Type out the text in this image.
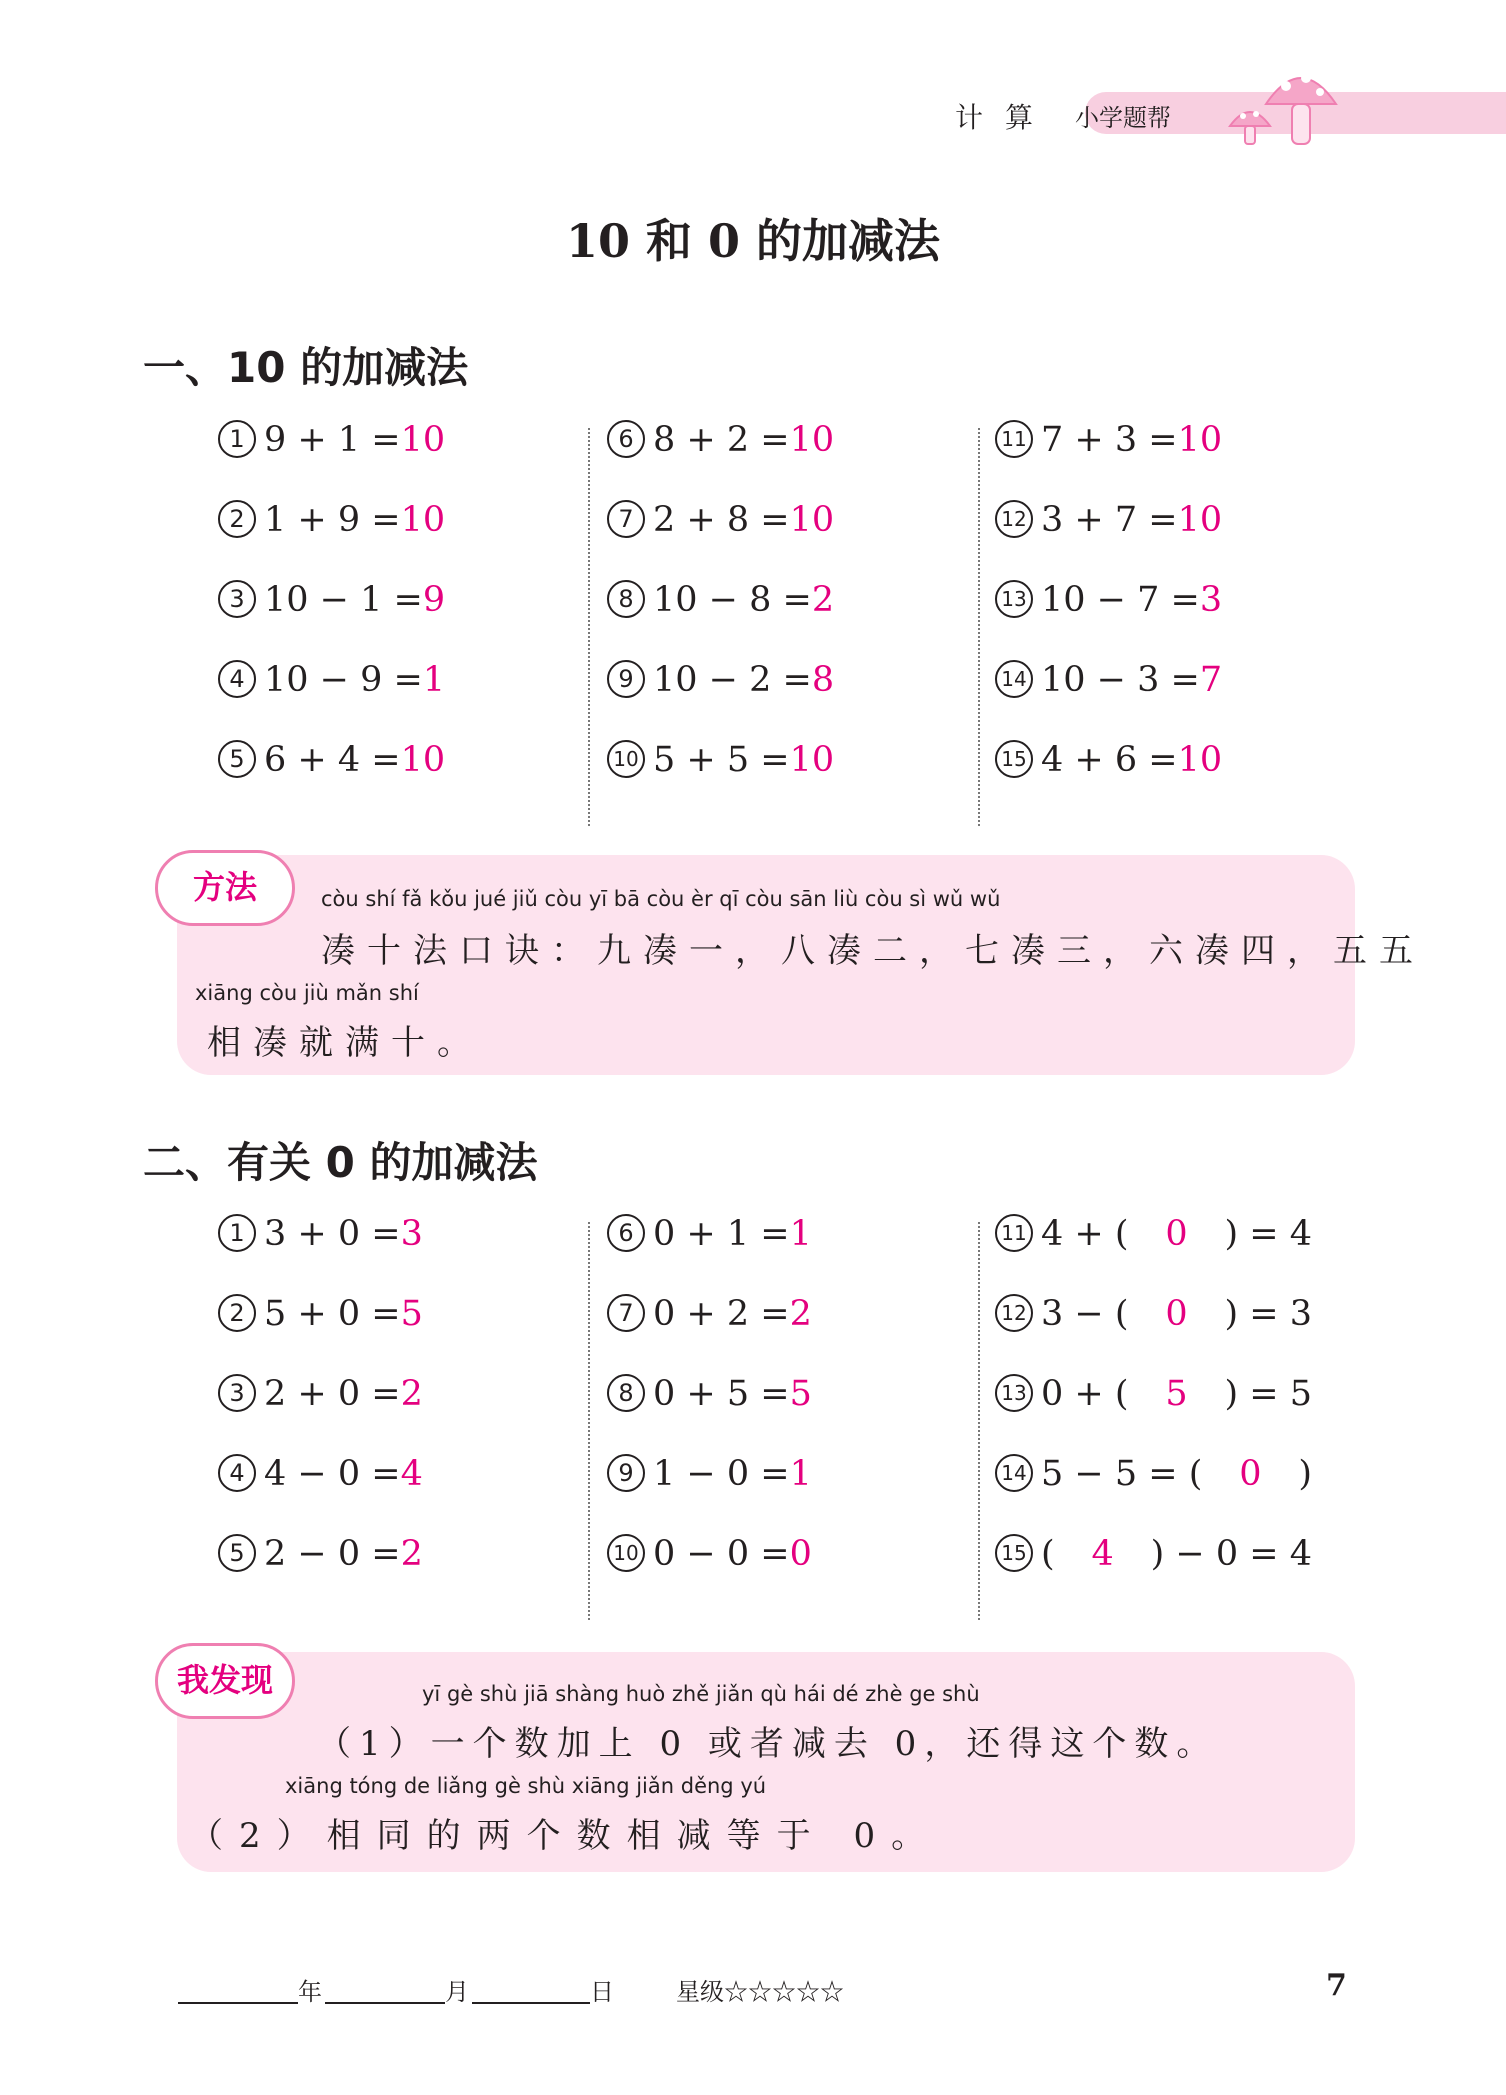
计算 小学题帮
10 和 0 的加减法
一、10 的加减法
1 9 + 1 =10
2 1 + 9 =10
3 10 − 1 =9
4 10 − 9 =1
5 6 + 4 =10
6 8 + 2 =10
7 2 + 8 =10
8 10 − 8 =2
9 10 − 2 =8
10 5 + 5 =10
11 7 + 3 =10
12 3 + 7 =10
13 10 − 7 =3
14 10 − 3 =7
15 4 + 6 =10
còu shí fǎ kǒu jué jiǔ còu yī bā còu èr qī còu sān liù còu sì wǔ wǔ
凑十法口诀：九凑一，八凑二，七凑三，六凑四，五五
xiāng còu jiù mǎn shí
相凑就满十。
方法
二、有关 0 的加减法
1 3 + 0 =3
2 5 + 0 =5
3 2 + 0 =2
4 4 − 0 =4
5 2 − 0 =2
6 0 + 1 =1
7 0 + 2 =2
8 0 + 5 =5
9 1 − 0 =1
10 0 − 0 =0
11 4 + ( 0 ) = 4
12 3 − ( 0 ) = 3
13 0 + ( 5 ) = 5
14 5 − 5 = ( 0 )
15 ( 4 ) − 0 = 4
yī gè shù jiā shàng huò zhě jiǎn qù hái dé zhè ge shù
（1）一个数加上 0 或者减去 0，还得这个数。
xiāng tóng de liǎng gè shù xiāng jiǎn děng yú
（2）相同的两个数相减等于 0。
我发现
年	月	日	星级☆☆☆☆☆	7
